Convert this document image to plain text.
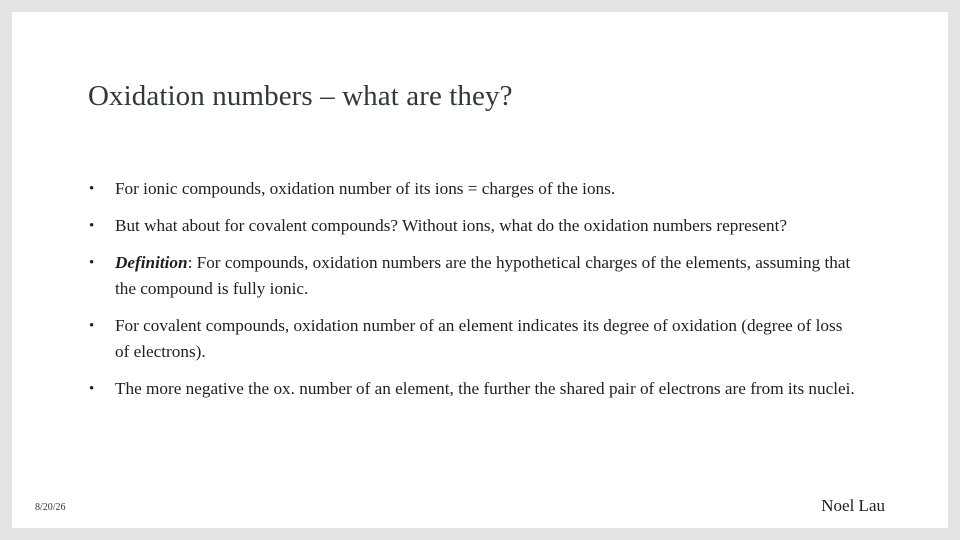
Oxidation numbers – what are they?
• For ionic compounds, oxidation number of its ions = charges of the ions.
• But what about for covalent compounds? Without ions, what do the oxidation numbers represent?
• Definition: For compounds, oxidation numbers are the hypothetical charges of the elements, assuming that the compound is fully ionic.
• For covalent compounds, oxidation number of an element indicates its degree of oxidation (degree of loss of electrons).
• The more negative the ox. number of an element, the further the shared pair of electrons are from its nuclei.
8/20/26	Noel Lau
